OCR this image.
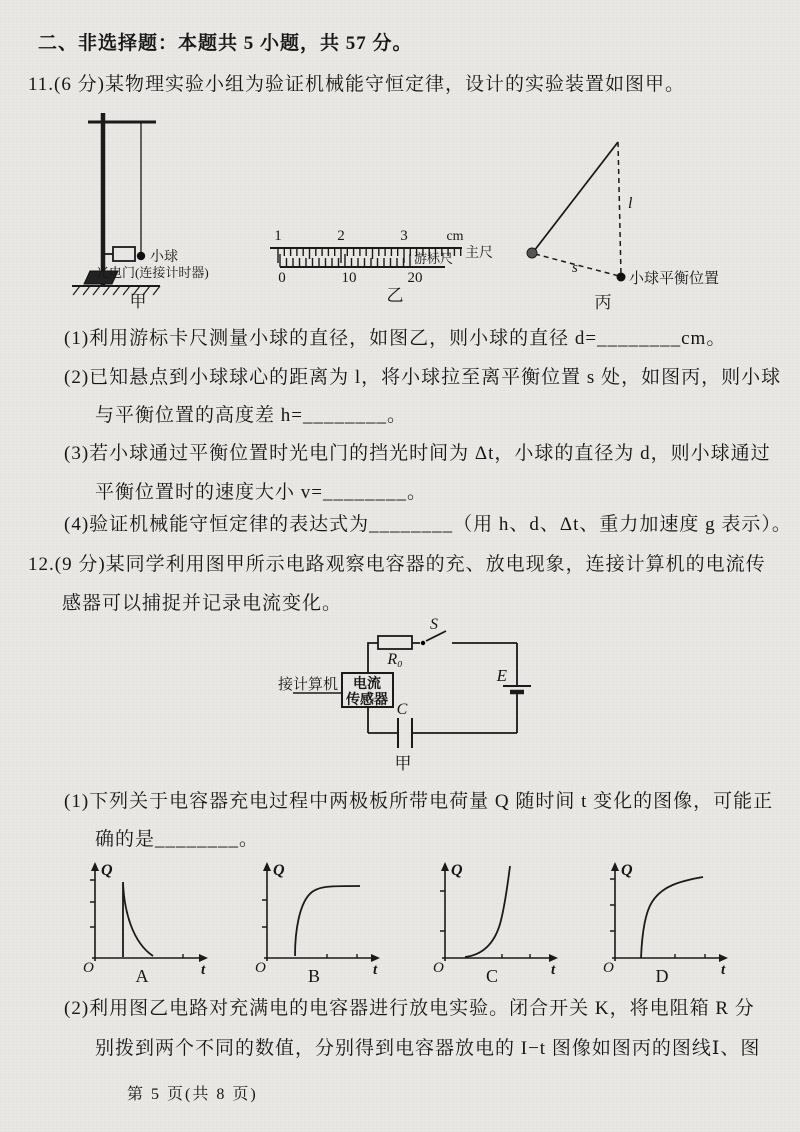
二、非选择题：本题共 5 小题，共 57 分。
11.(6 分)某物理实验小组为验证机械能守恒定律，设计的实验装置如图甲。
(1)利用游标卡尺测量小球的直径，如图乙，则小球的直径 d=________cm。
(2)已知悬点到小球球心的距离为 l，将小球拉至离平衡位置 s 处，如图丙，则小球
与平衡位置的高度差 h=________。
(3)若小球通过平衡位置时光电门的挡光时间为 Δt，小球的直径为 d，则小球通过
平衡位置时的速度大小 v=________。
(4)验证机械能守恒定律的表达式为________（用 h、d、Δt、重力加速度 g 表示）。
12.(9 分)某同学利用图甲所示电路观察电容器的充、放电现象，连接计算机的电流传
感器可以捕捉并记录电流变化。
(1)下列关于电容器充电过程中两极板所带电荷量 Q 随时间 t 变化的图像，可能正
确的是________。
(2)利用图乙电路对充满电的电容器进行放电实验。闭合开关 K，将电阻箱 R 分
别拨到两个不同的数值，分别得到电容器放电的 I−t 图像如图丙的图线Ⅰ、图
第 5 页(共 8 页)
小球
光电门(连接计时器)
甲
1	2	3	cm
主尺
游标尺
0	10	20
乙
l
s
小球平衡位置
丙
S
R₀
E
接计算机 电流
传感器
C
甲
O
Q
t
A	O
Q
t
B	O
Q
t
C	O
Q
t
D
